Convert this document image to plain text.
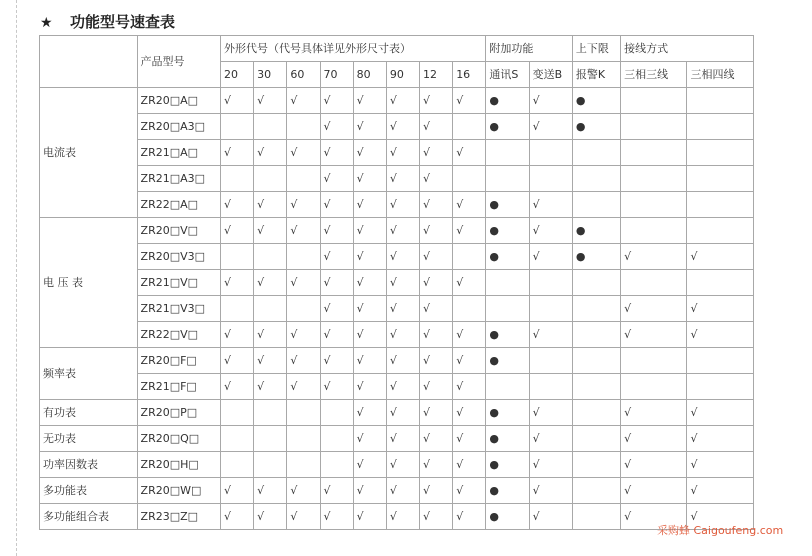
★ 功能型号速查表
	产品型号	外形代号（代号具体详见外形尺寸表）								附加功能		上下限	接线方式	
		20	30	60	70	80	90	12	16	通讯S	变送B	报警K	三相三线	三相四线
电流表	ZR20□A□	√	√	√	√	√	√	√	√	●	√	●		
	ZR20□A3□				√	√	√	√		●	√	●		
	ZR21□A□	√	√	√	√	√	√	√	√					
	ZR21□A3□				√	√	√	√						
	ZR22□A□	√	√	√	√	√	√	√	√	●	√			
电 压 表	ZR20□V□	√	√	√	√	√	√	√	√	●	√	●		
	ZR20□V3□				√	√	√	√		●	√	●	√	√
	ZR21□V□	√	√	√	√	√	√	√	√					
	ZR21□V3□				√	√	√	√					√	√
	ZR22□V□	√	√	√	√	√	√	√	√	●	√		√	√
频率表	ZR20□F□	√	√	√	√	√	√	√	√	●				
	ZR21□F□	√	√	√	√	√	√	√	√					
有功表	ZR20□P□					√	√	√	√	●	√		√	√
无功表	ZR20□Q□					√	√	√	√	●	√		√	√
功率因数表	ZR20□H□					√	√	√	√	●	√		√	√
多功能表	ZR20□W□	√	√	√	√	√	√	√	√	●	√		√	√
多功能组合表	ZR23□Z□	√	√	√	√	√	√	√	√	●	√		√	√
采购蜂 Caigoufeng.com
